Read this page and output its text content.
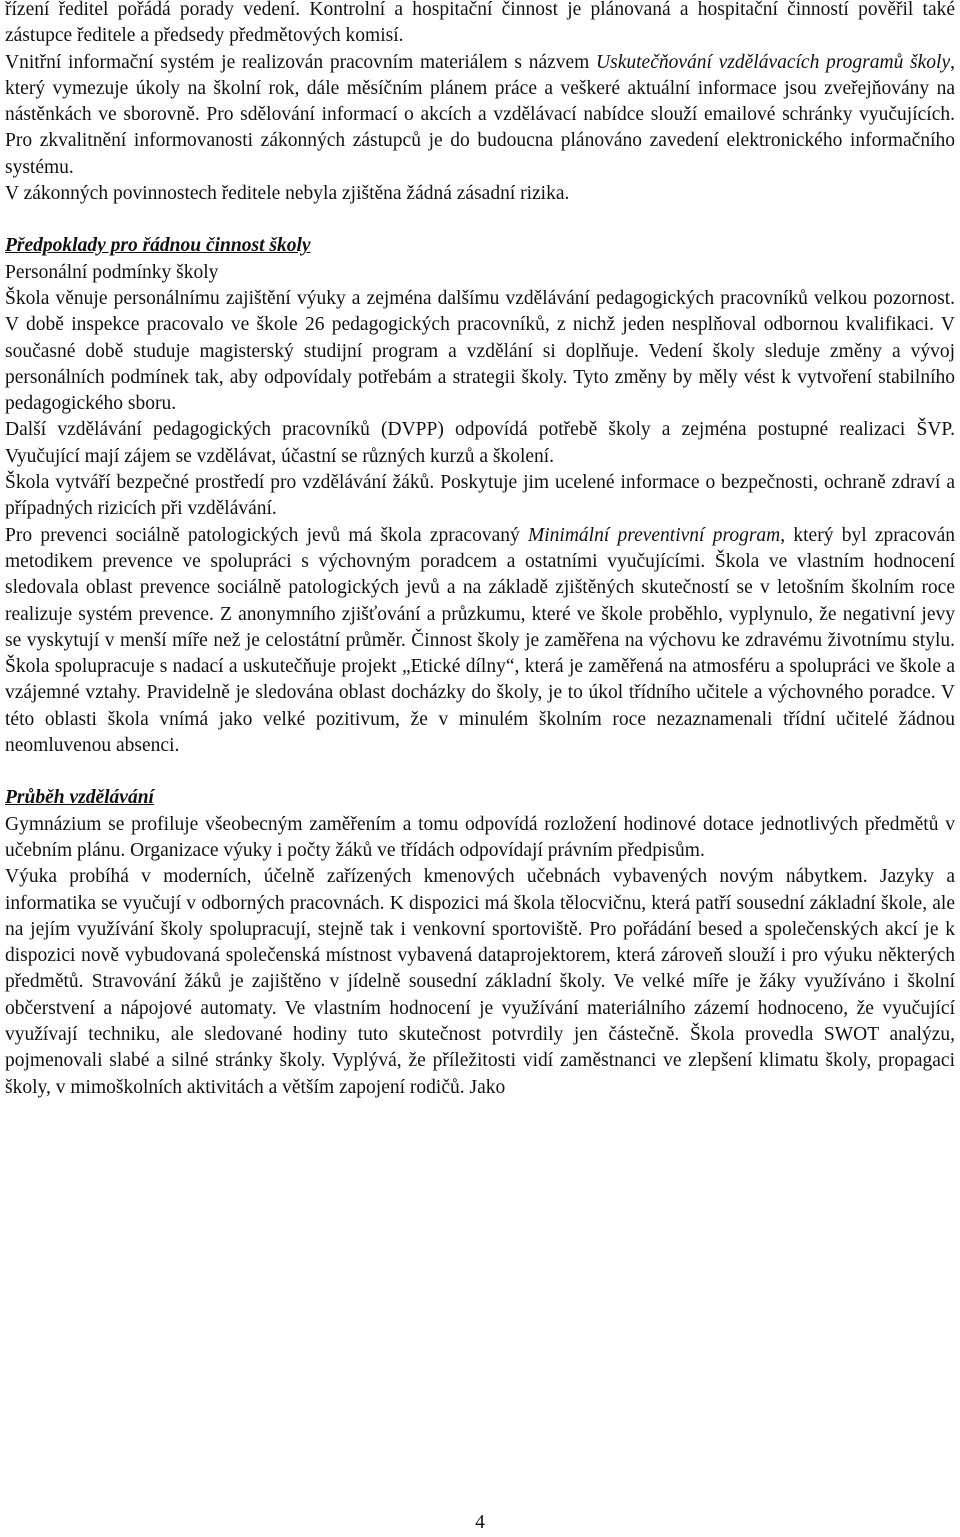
řízení ředitel pořádá porady vedení. Kontrolní a hospitační činnost je plánovaná a hospitační činností pověřil také zástupce ředitele a předsedy předmětových komisí.

Vnitřní informační systém je realizován pracovním materiálem s názvem Uskutečňování vzdělávacích programů školy, který vymezuje úkoly na školní rok, dále měsíčním plánem práce a veškeré aktuální informace jsou zveřejňovány na nástěnkách ve sborovně. Pro sdělování informací o akcích a vzdělávací nabídce slouží emailové schránky vyučujících. Pro zkvalitnění informovanosti zákonných zástupců je do budoucna plánováno zavedení elektronického informačního systému.

V zákonných povinnostech ředitele nebyla zjištěna žádná zásadní rizika.

Předpoklady pro řádnou činnost školy

Personální podmínky školy

Škola věnuje personálnímu zajištění výuky a zejména dalšímu vzdělávání pedagogických pracovníků velkou pozornost. V době inspekce pracovalo ve škole 26 pedagogických pracovníků, z nichž jeden nesplňoval odbornou kvalifikaci. V současné době studuje magisterský studijní program a vzdělání si doplňuje. Vedení školy sleduje změny a vývoj personálních podmínek tak, aby odpovídaly potřebám a strategii školy. Tyto změny by měly vést k vytvoření stabilního pedagogického sboru.

Další vzdělávání pedagogických pracovníků (DVPP) odpovídá potřebě školy a zejména postupné realizaci ŠVP. Vyučující mají zájem se vzdělávat, účastní se různých kurzů a školení.

Škola vytváří bezpečné prostředí pro vzdělávání žáků. Poskytuje jim ucelené informace o bezpečnosti, ochraně zdraví a případných rizicích při vzdělávání.

Pro prevenci sociálně patologických jevů má škola zpracovaný Minimální preventivní program, který byl zpracován metodikem prevence ve spolupráci s výchovným poradcem a ostatními vyučujícími. Škola ve vlastním hodnocení sledovala oblast prevence sociálně patologických jevů a na základě zjištěných skutečností se v letošním školním roce realizuje systém prevence. Z anonymního zjišťování a průzkumu, které ve škole proběhlo, vyplynulo, že negativní jevy se vyskytují v menší míře než je celostátní průměr. Činnost školy je zaměřena na výchovu ke zdravému životnímu stylu. Škola spolupracuje s nadací a uskutečňuje projekt „Etické dílny“, která je zaměřená na atmosféru a spolupráci ve škole a vzájemné vztahy. Pravidelně je sledována oblast docházky do školy, je to úkol třídního učitele a výchovného poradce. V této oblasti škola vnímá jako velké pozitivum, že v minulém školním roce nezaznamenali třídní učitelé žádnou neomluvenou absenci.

Průběh vzdělávání

Gymnázium se profiluje všeobecným zaměřením a tomu odpovídá rozložení hodinové dotace jednotlivých předmětů v učebním plánu. Organizace výuky i počty žáků ve třídách odpovídají právním předpisům.

Výuka probíhá v moderních, účelně zařízených kmenových učebnách vybavených novým nábytkem. Jazyky a informatika se vyučují v odborných pracovnách. K dispozici má škola tělocvičnu, která patří sousední základní škole, ale na jejím využívání školy spolupracují, stejně tak i venkovní sportoviště. Pro pořádání besed a společenských akcí je k dispozici nově vybudovaná společenská místnost vybavená dataprojektorem, která zároveň slouží i pro výuku některých předmětů. Stravování žáků je zajištěno v jídelně sousední základní školy. Ve velké míře je žáky využíváno i školní občerstvení a nápojové automaty. Ve vlastním hodnocení je využívání materiálního zázemí hodnoceno, že vyučující využívají techniku, ale sledované hodiny tuto skutečnost potvrdily jen částečně. Škola provedla SWOT analýzu, pojmenovali slabé a silné stránky školy. Vyplývá, že příležitosti vidí zaměstnanci ve zlepšení klimatu školy, propagaci školy, v mimoškolních aktivitách a větším zapojení rodičů. Jako

4
